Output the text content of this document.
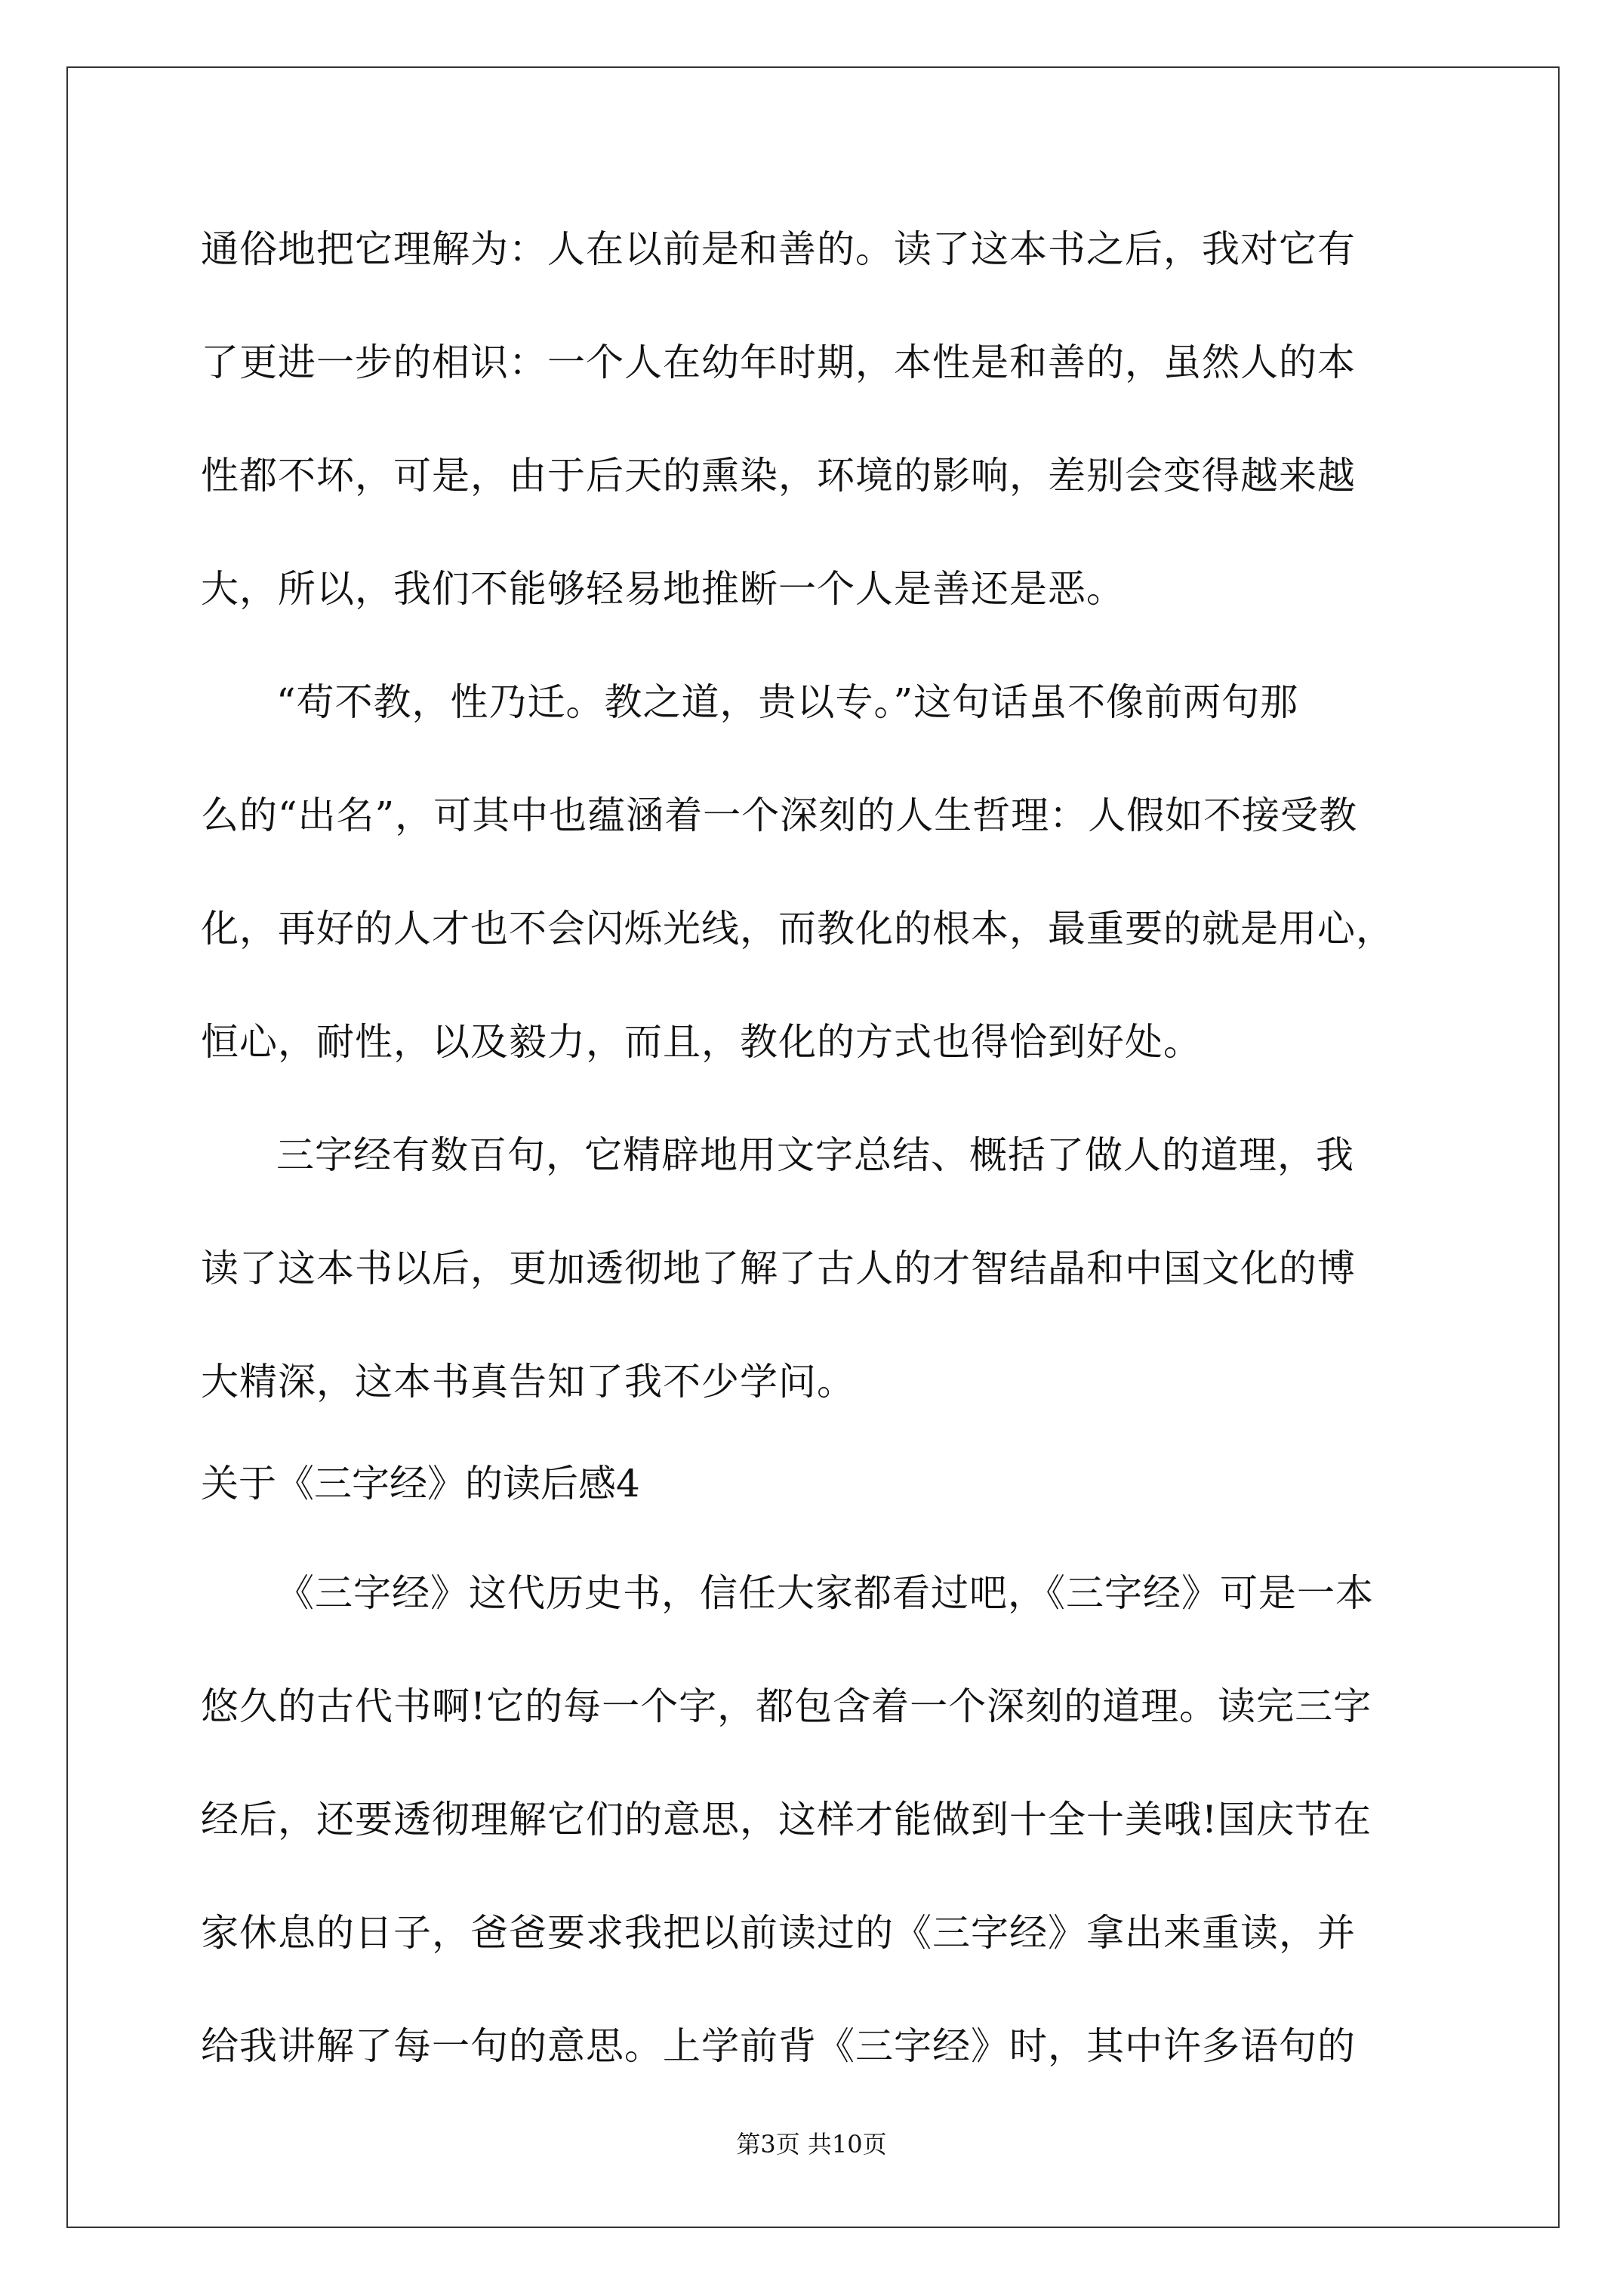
通俗地把它理解为：人在以前是和善的。读了这本书之后，我对它有
了更进一步的相识：一个人在幼年时期，本性是和善的，虽然人的本
性都不坏，可是，由于后天的熏染，环境的影响，差别会变得越来越
大，所以，我们不能够轻易地推断一个人是善还是恶。
“苟不教，性乃迁。教之道，贵以专。”这句话虽不像前两句那
么的“出名”，可其中也蕴涵着一个深刻的人生哲理：人假如不接受教
化，再好的人才也不会闪烁光线，而教化的根本，最重要的就是用心，
恒心，耐性，以及毅力，而且，教化的方式也得恰到好处。
三字经有数百句，它精辟地用文字总结、概括了做人的道理，我
读了这本书以后，更加透彻地了解了古人的才智结晶和中国文化的博
大精深，这本书真告知了我不少学问。
关于《三字经》的读后感4
《三字经》这代历史书，信任大家都看过吧，《三字经》可是一本
悠久的古代书啊!它的每一个字，都包含着一个深刻的道理。读完三字
经后，还要透彻理解它们的意思，这样才能做到十全十美哦!国庆节在
家休息的日子，爸爸要求我把以前读过的《三字经》拿出来重读，并
给我讲解了每一句的意思。上学前背《三字经》时，其中许多语句的
第3页 共10页
